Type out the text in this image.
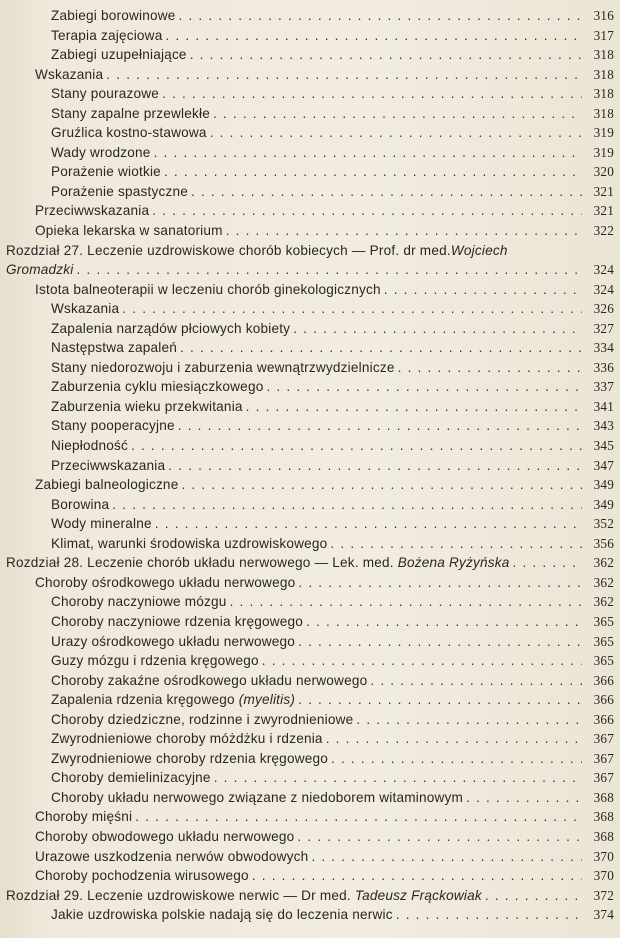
Zabiegi borowinowe . . .	316
Terapia zajęciowa . . .	317
Zabiegi uzupełniające . . .	318
Wskazania . . .	318
Stany pourazowe . . .	318
Stany zapalne przewlekłe . . .	318
Gruźlica kostno-stawowa . . .	319
Wady wrodzone . . .	319
Porażenie wiotkie . . .	320
Porażenie spastyczne . . .	321
Przeciwwskazania . . .	321
Opieka lekarska w sanatorium . . .	322
Rozdział 27. Leczenie uzdrowiskowe chorób kobiecych — Prof. dr med. Wojciech
Gromadzki . . .	324
Istota balneoterapii w leczeniu chorób ginekologicznych . . .	324
Wskazania . . .	326
Zapalenia narządów płciowych kobiety . . .	327
Następstwa zapaleń . . .	334
Stany niedorozwoju i zaburzenia wewnątrzwydzielnicze . . .	336
Zaburzenia cyklu miesiączkowego . . .	337
Zaburzenia wieku przekwitania . . .	341
Stany pooperacyjne . . .	343
Niepłodność . . .	345
Przeciwwskazania . . .	347
Zabiegi balneologiczne . . .	349
Borowina . . .	349
Wody mineralne . . .	352
Klimat, warunki środowiska uzdrowiskowego . . .	356
Rozdział 28. Leczenie chorób układu nerwowego — Lek. med. Bożena Ryżyńska . . .	362
Choroby ośrodkowego układu nerwowego . . .	362
Choroby naczyniowe mózgu . . .	362
Choroby naczyniowe rdzenia kręgowego . . .	365
Urazy ośrodkowego układu nerwowego . . .	365
Guzy mózgu i rdzenia kręgowego . . .	365
Choroby zakaźne ośrodkowego układu nerwowego . . .	366
Zapalenia rdzenia kręgowego (myelitis) . . .	366
Choroby dziedziczne, rodzinne i zwyrodnieniowe . . .	366
Zwyrodnieniowe choroby móżdżku i rdzenia . . .	367
Zwyrodnieniowe choroby rdzenia kręgowego . . .	367
Choroby demielinizacyjne . . .	367
Choroby układu nerwowego związane z niedoborem witaminowym . . .	368
Choroby mięśni . . .	368
Choroby obwodowego układu nerwowego . . .	368
Urazowe uszkodzenia nerwów obwodowych . . .	370
Choroby pochodzenia wirusowego . . .	370
Rozdział 29. Leczenie uzdrowiskowe nerwic — Dr med. Tadeusz Frąckowiak . . .	372
Jakie uzdrowiska polskie nadają się do leczenia nerwic . . .	374
